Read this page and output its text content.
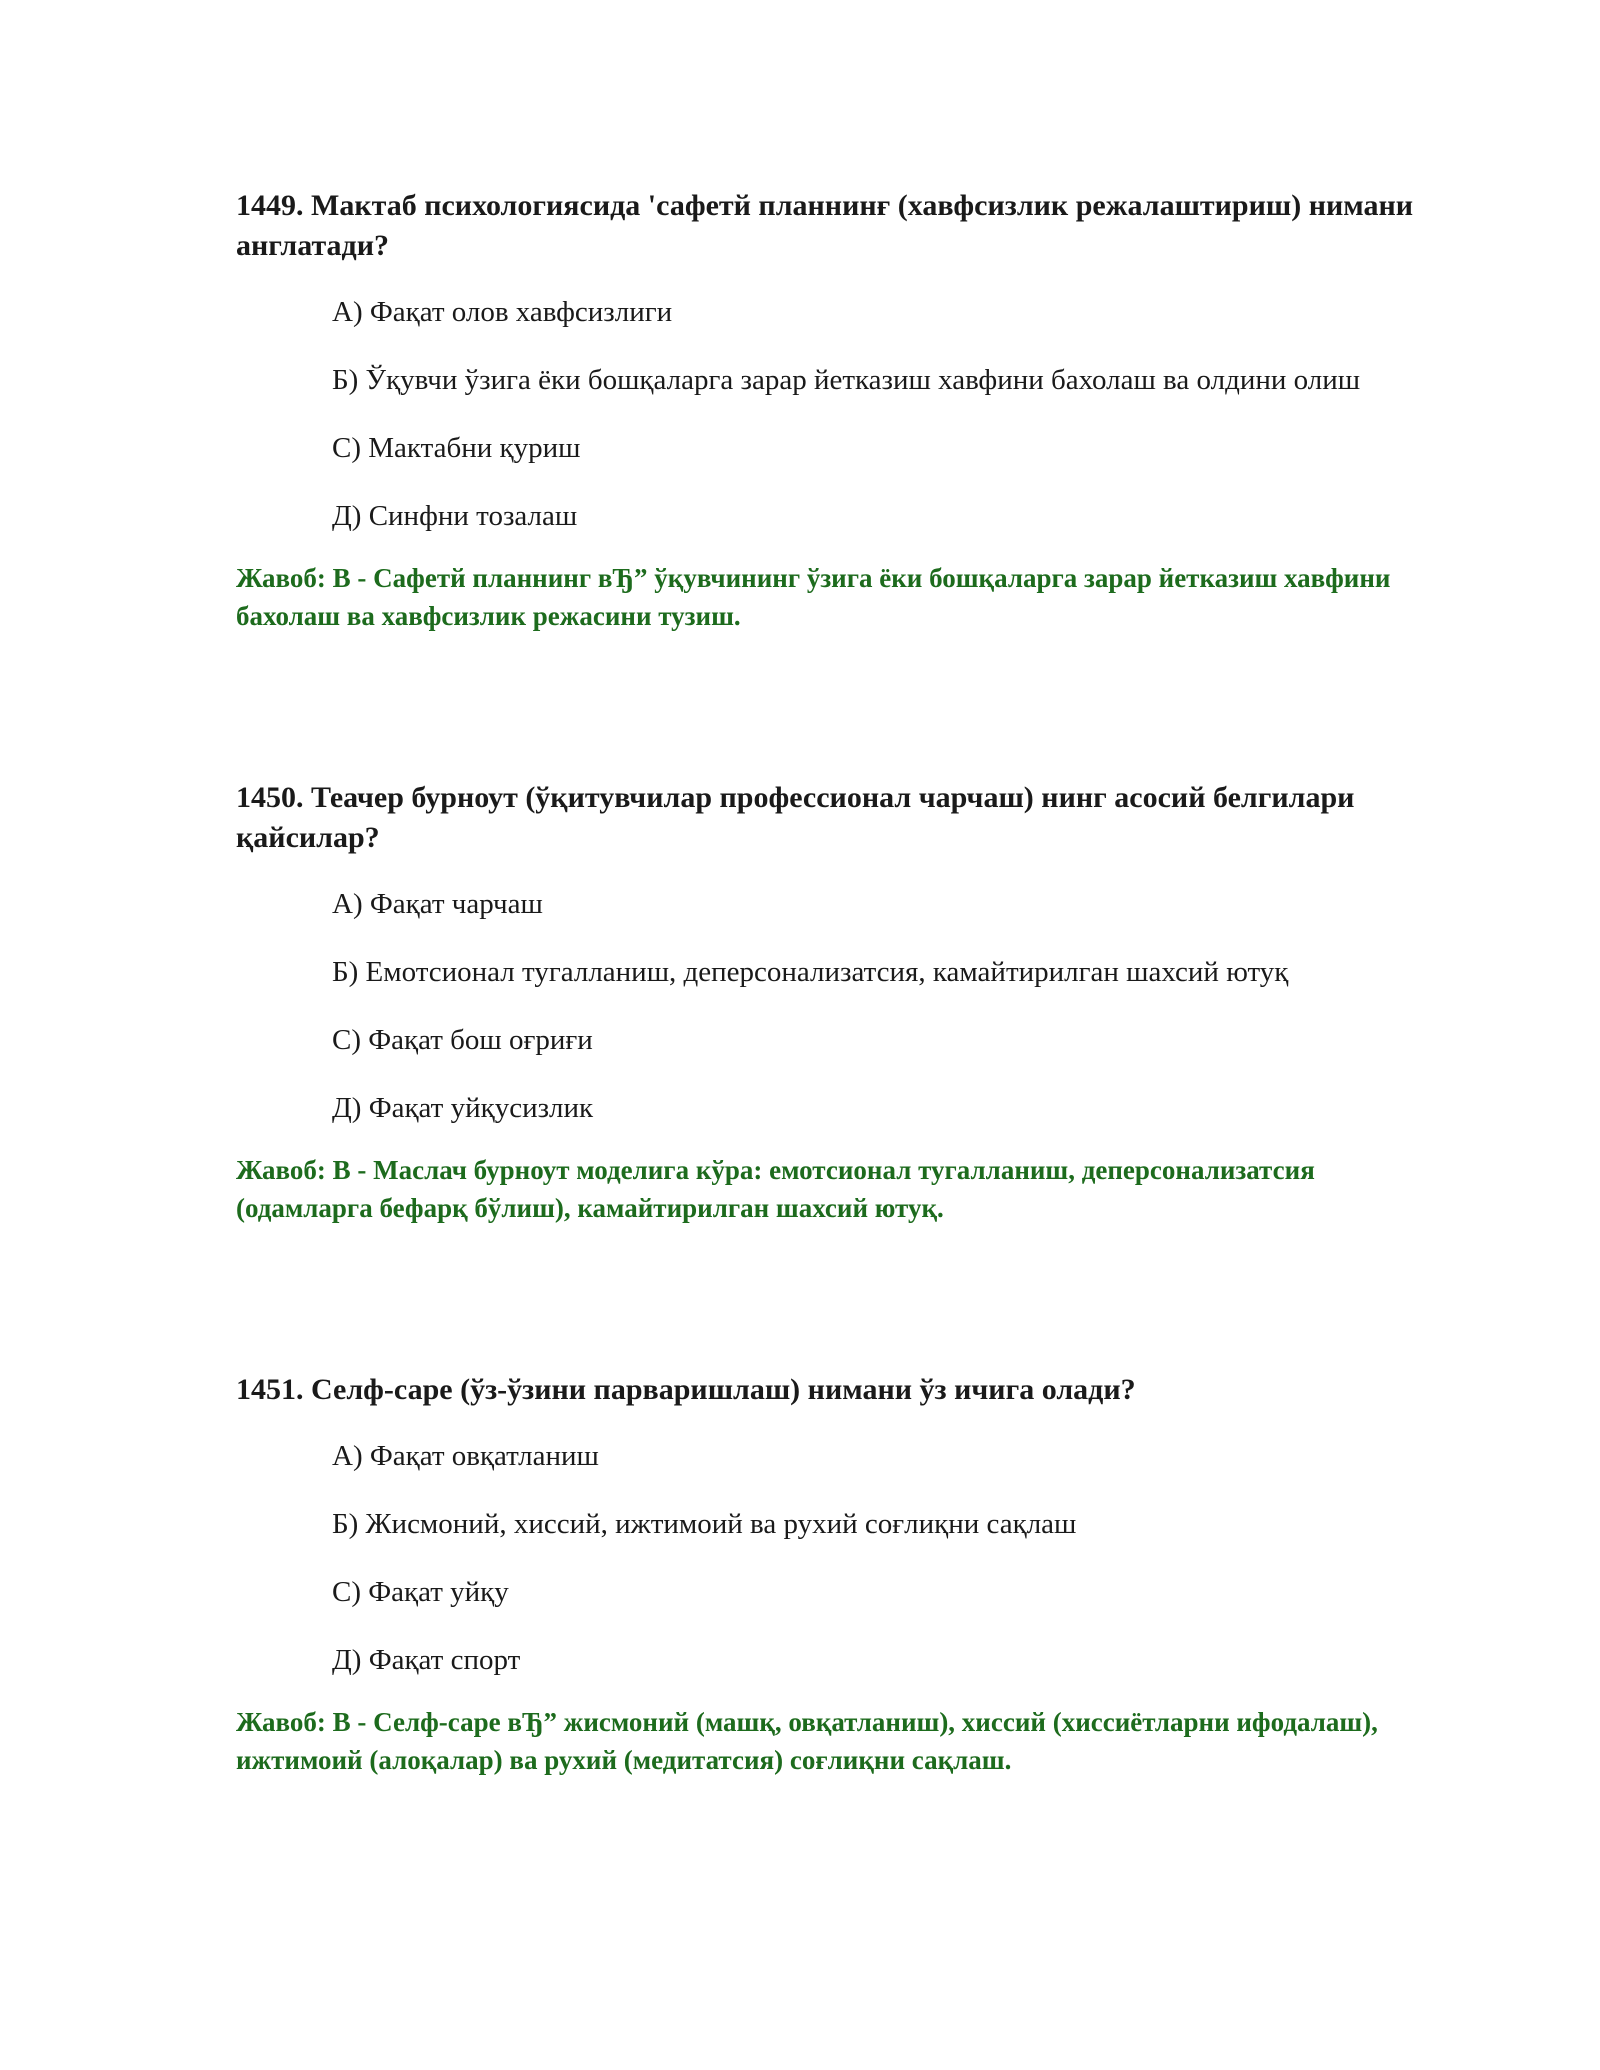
1449. Мактаб психологиясида 'сафетй планнинғ (хавфсизлик режалаштириш) нимани англатади?

А) Фақат олов хавфсизлиги

Б) Ўқувчи ўзига ёки бошқаларга зарар йетказиш хавфини бахолаш ва олдини олиш

С) Мактабни қуриш

Д) Синфни тозалаш

Жавоб: В - Сафетй планнинг вЂ” ўқувчининг ўзига ёки бошқаларга зарар йетказиш хавфини бахолаш ва хавфсизлик режасини тузиш.

1450. Теачер бурноут (ўқитувчилар профессионал чарчаш) нинг асосий белгилари қайсилар?

А) Фақат чарчаш

Б) Емотсионал тугалланиш, деперсонализатсия, камайтирилган шахсий ютуқ

С) Фақат бош оғриғи

Д) Фақат уйқусизлик

Жавоб: В - Маслач бурноут моделига кўра: емотсионал тугалланиш, деперсонализатсия (одамларга бефарқ бўлиш), камайтирилган шахсий ютуқ.

1451. Селф-саре (ўз-ўзини парваришлаш) нимани ўз ичига олади?

А) Фақат овқатланиш

Б) Жисмоний, хиссий, ижтимоий ва рухий соғлиқни сақлаш

С) Фақат уйқу

Д) Фақат спорт

Жавоб: В - Селф-саре вЂ” жисмоний (машқ, овқатланиш), хиссий (хиссиётларни ифодалаш), ижтимоий (алоқалар) ва рухий (медитатсия) соғлиқни сақлаш.
